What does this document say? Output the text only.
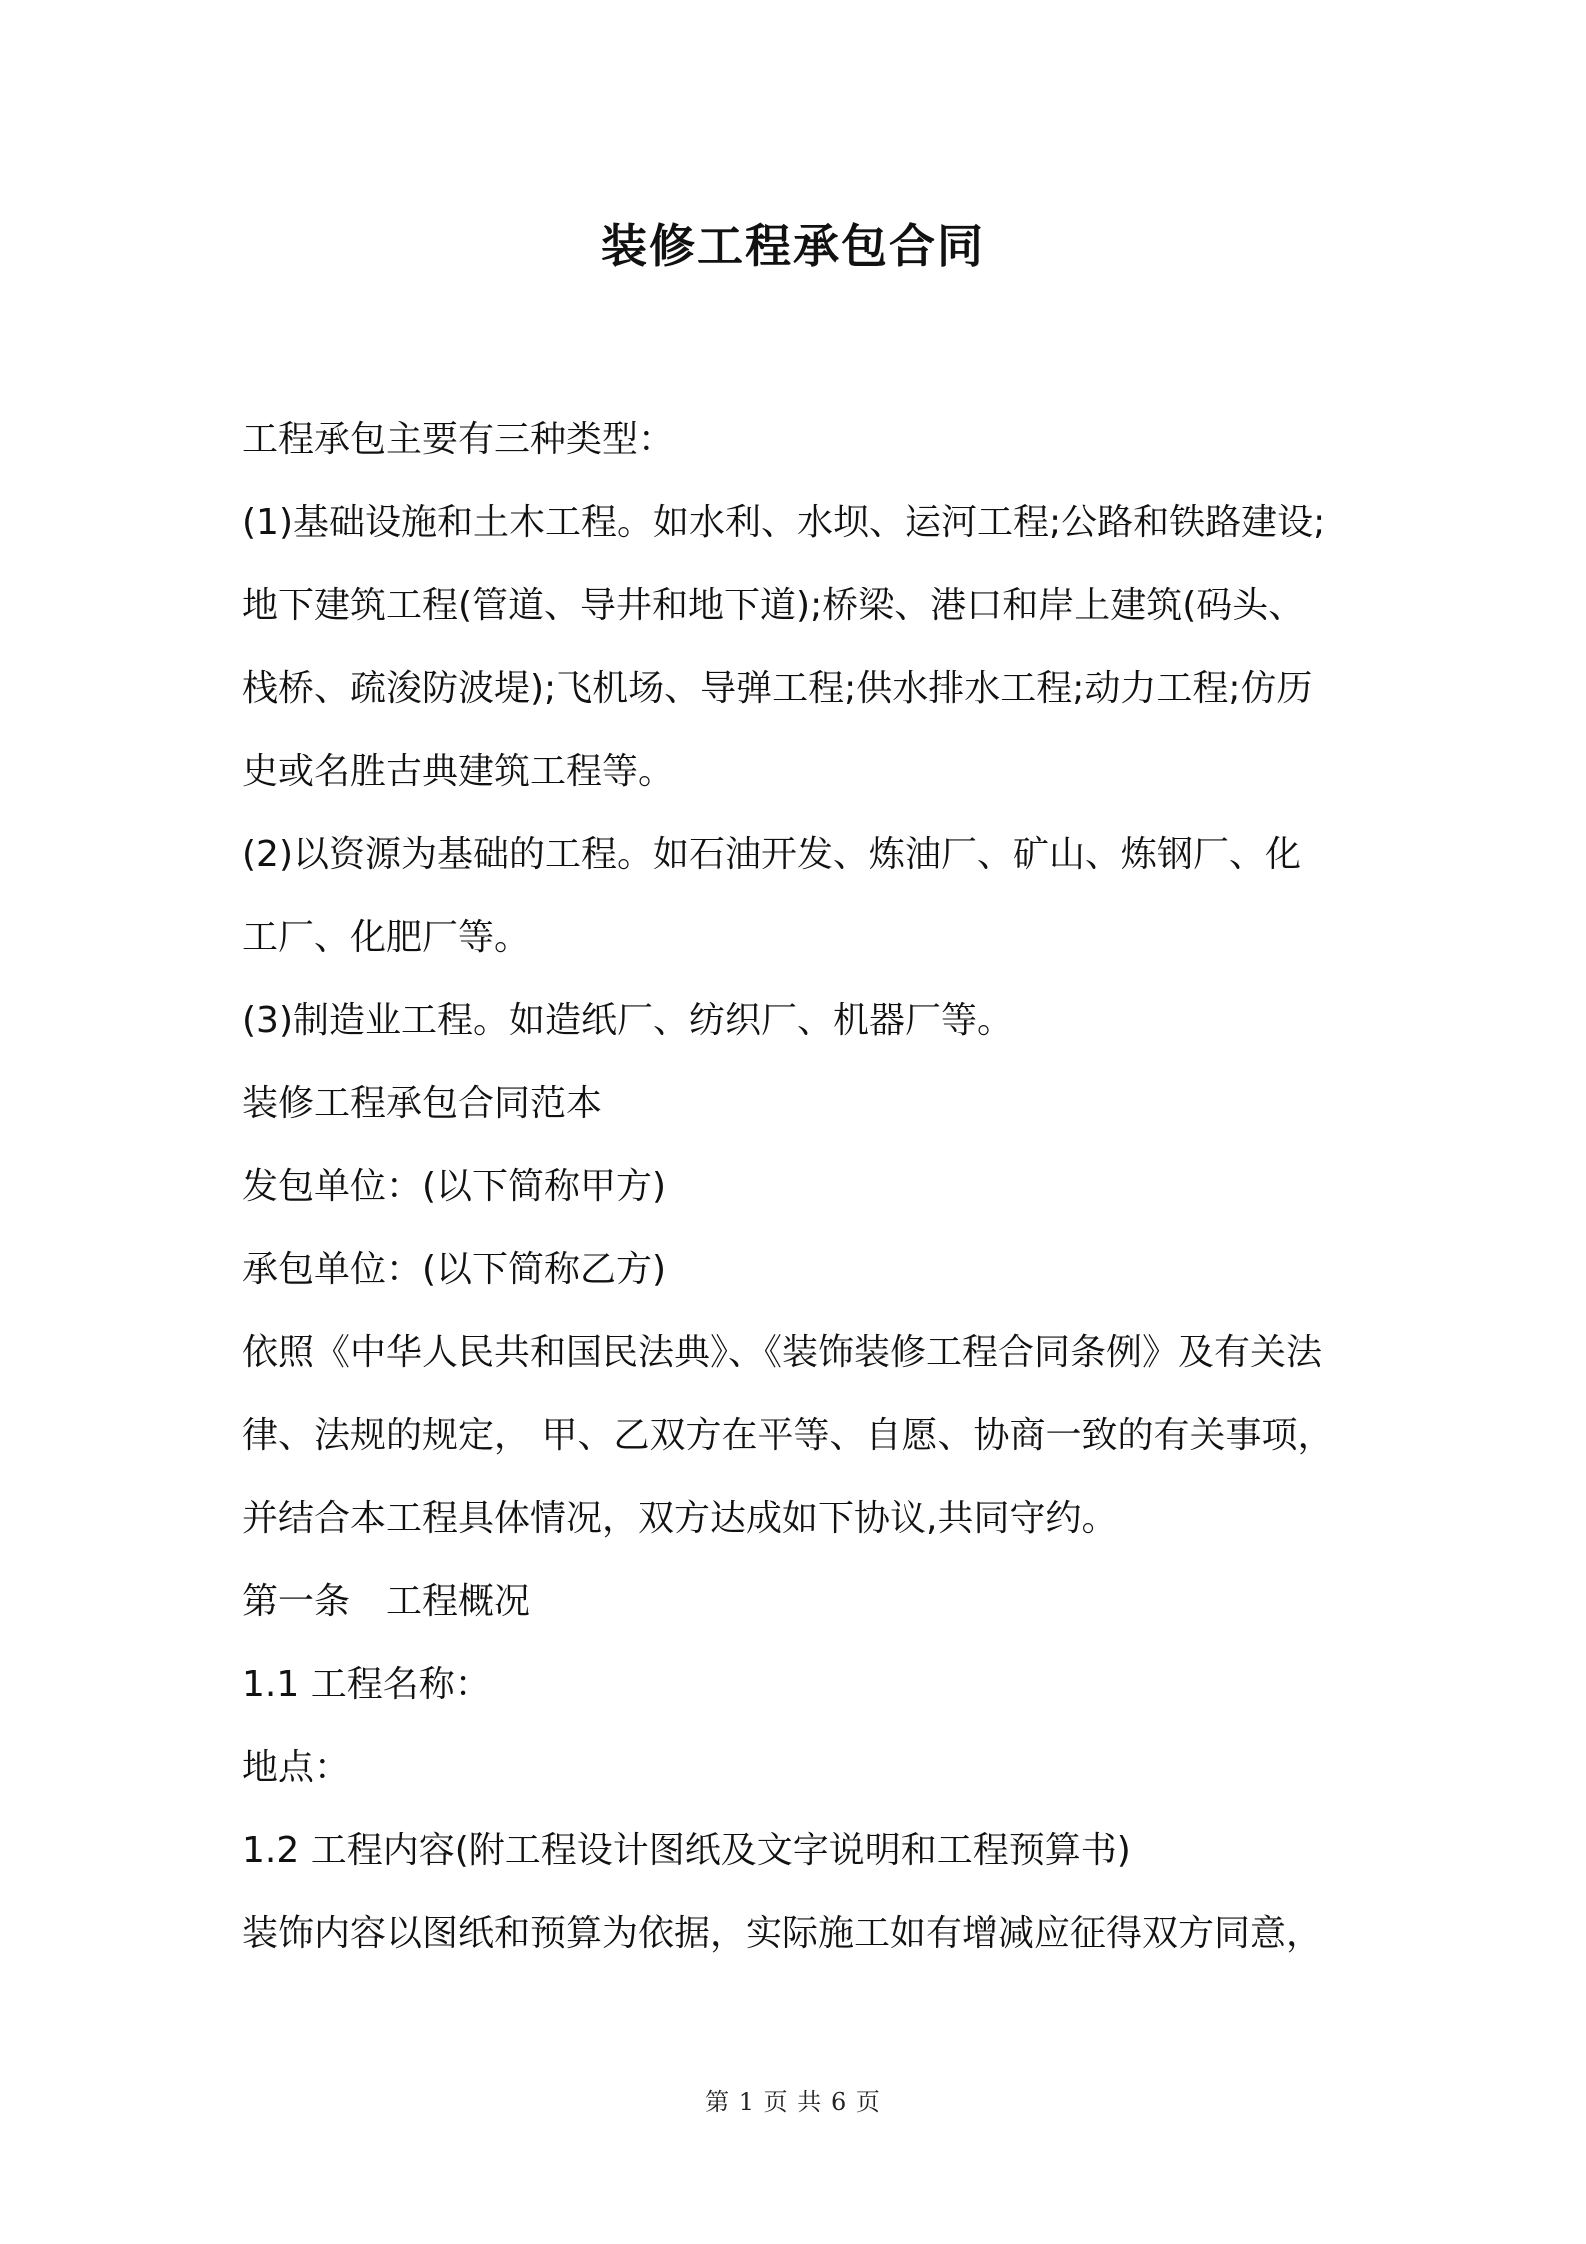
装修工程承包合同
工程承包主要有三种类型：
(1)基础设施和土木工程。如水利、水坝、运河工程;公路和铁路建设;
地下建筑工程(管道、导井和地下道);桥梁、港口和岸上建筑(码头、
栈桥、疏浚防波堤);飞机场、导弹工程;供水排水工程;动力工程;仿历
史或名胜古典建筑工程等。
(2)以资源为基础的工程。如石油开发、炼油厂、矿山、炼钢厂、化
工厂、化肥厂等。
(3)制造业工程。如造纸厂、纺织厂、机器厂等。
装修工程承包合同范本
发包单位：(以下简称甲方)
承包单位：(以下简称乙方)
依照《中华人民共和国民法典》、《装饰装修工程合同条例》及有关法
律、法规的规定， 甲、乙双方在平等、自愿、协商一致的有关事项，
并结合本工程具体情况，双方达成如下协议,共同守约。
第一条　工程概况
1.1 工程名称：
地点：
1.2 工程内容(附工程设计图纸及文字说明和工程预算书)
装饰内容以图纸和预算为依据，实际施工如有增减应征得双方同意，
第 1 页 共 6 页
